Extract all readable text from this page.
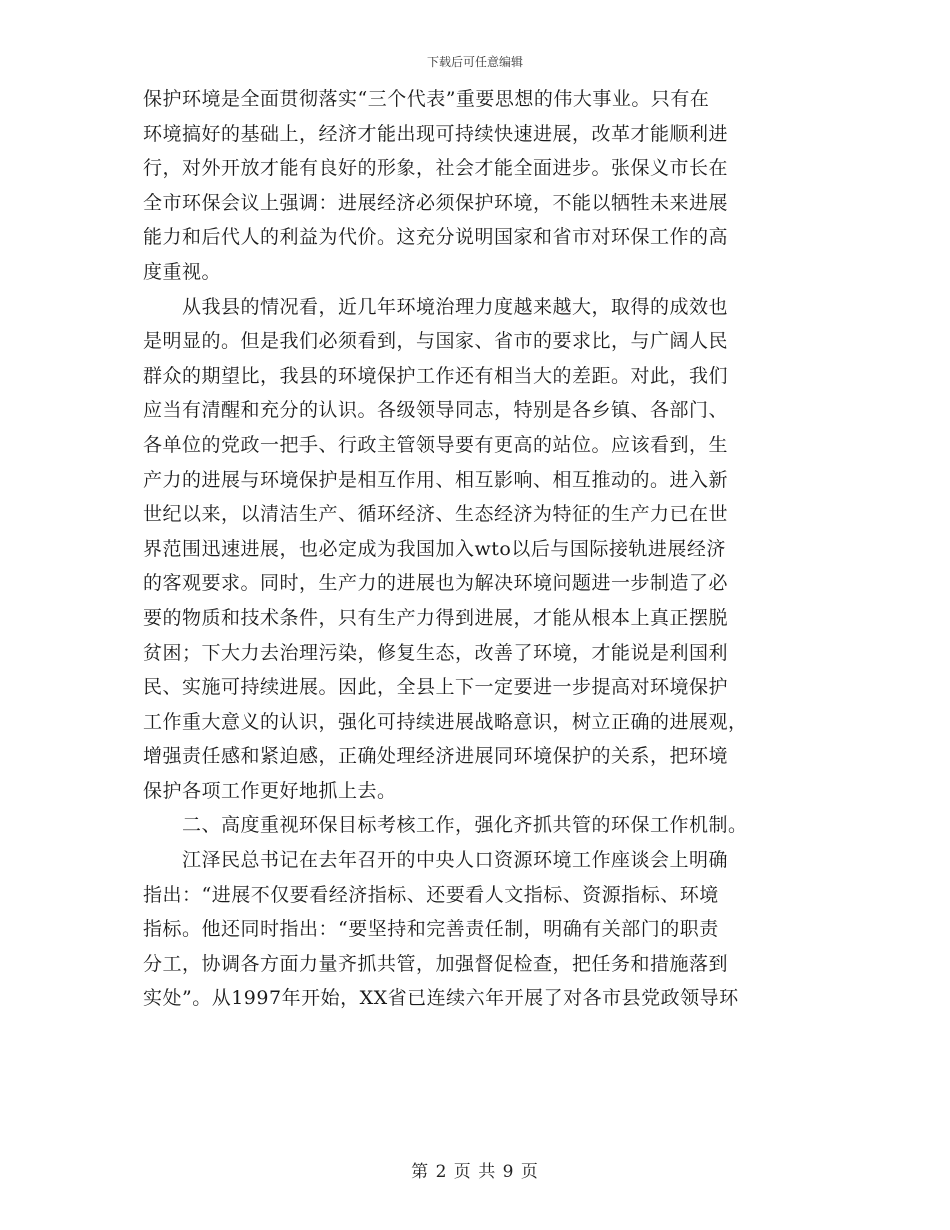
下载后可任意编辑
保护环境是全面贯彻落实“三个代表”重要思想的伟大事业。只有在
环境搞好的基础上，经济才能出现可持续快速进展，改革才能顺利进
行，对外开放才能有良好的形象，社会才能全面进步。张保义市长在
全市环保会议上强调：进展经济必须保护环境，不能以牺牲未来进展
能力和后代人的利益为代价。这充分说明国家和省市对环保工作的高
度重视。
　　从我县的情况看，近几年环境治理力度越来越大，取得的成效也
是明显的。但是我们必须看到，与国家、省市的要求比，与广阔人民
群众的期望比，我县的环境保护工作还有相当大的差距。对此，我们
应当有清醒和充分的认识。各级领导同志，特别是各乡镇、各部门、
各单位的党政一把手、行政主管领导要有更高的站位。应该看到，生
产力的进展与环境保护是相互作用、相互影响、相互推动的。进入新
世纪以来，以清洁生产、循环经济、生态经济为特征的生产力已在世
界范围迅速进展，也必定成为我国加入wto以后与国际接轨进展经济
的客观要求。同时，生产力的进展也为解决环境问题进一步制造了必
要的物质和技术条件，只有生产力得到进展，才能从根本上真正摆脱
贫困；下大力去治理污染，修复生态，改善了环境，才能说是利国利
民、实施可持续进展。因此，全县上下一定要进一步提高对环境保护
工作重大意义的认识，强化可持续进展战略意识，树立正确的进展观，
增强责任感和紧迫感，正确处理经济进展同环境保护的关系，把环境
保护各项工作更好地抓上去。
　　二、高度重视环保目标考核工作，强化齐抓共管的环保工作机制。
　　江泽民总书记在去年召开的中央人口资源环境工作座谈会上明确
指出：“进展不仅要看经济指标、还要看人文指标、资源指标、环境
指标。他还同时指出：“要坚持和完善责任制，明确有关部门的职责
分工，协调各方面力量齐抓共管，加强督促检查，把任务和措施落到
实处”。从1997年开始，XX省已连续六年开展了对各市县党政领导环
第 2 页 共 9 页
